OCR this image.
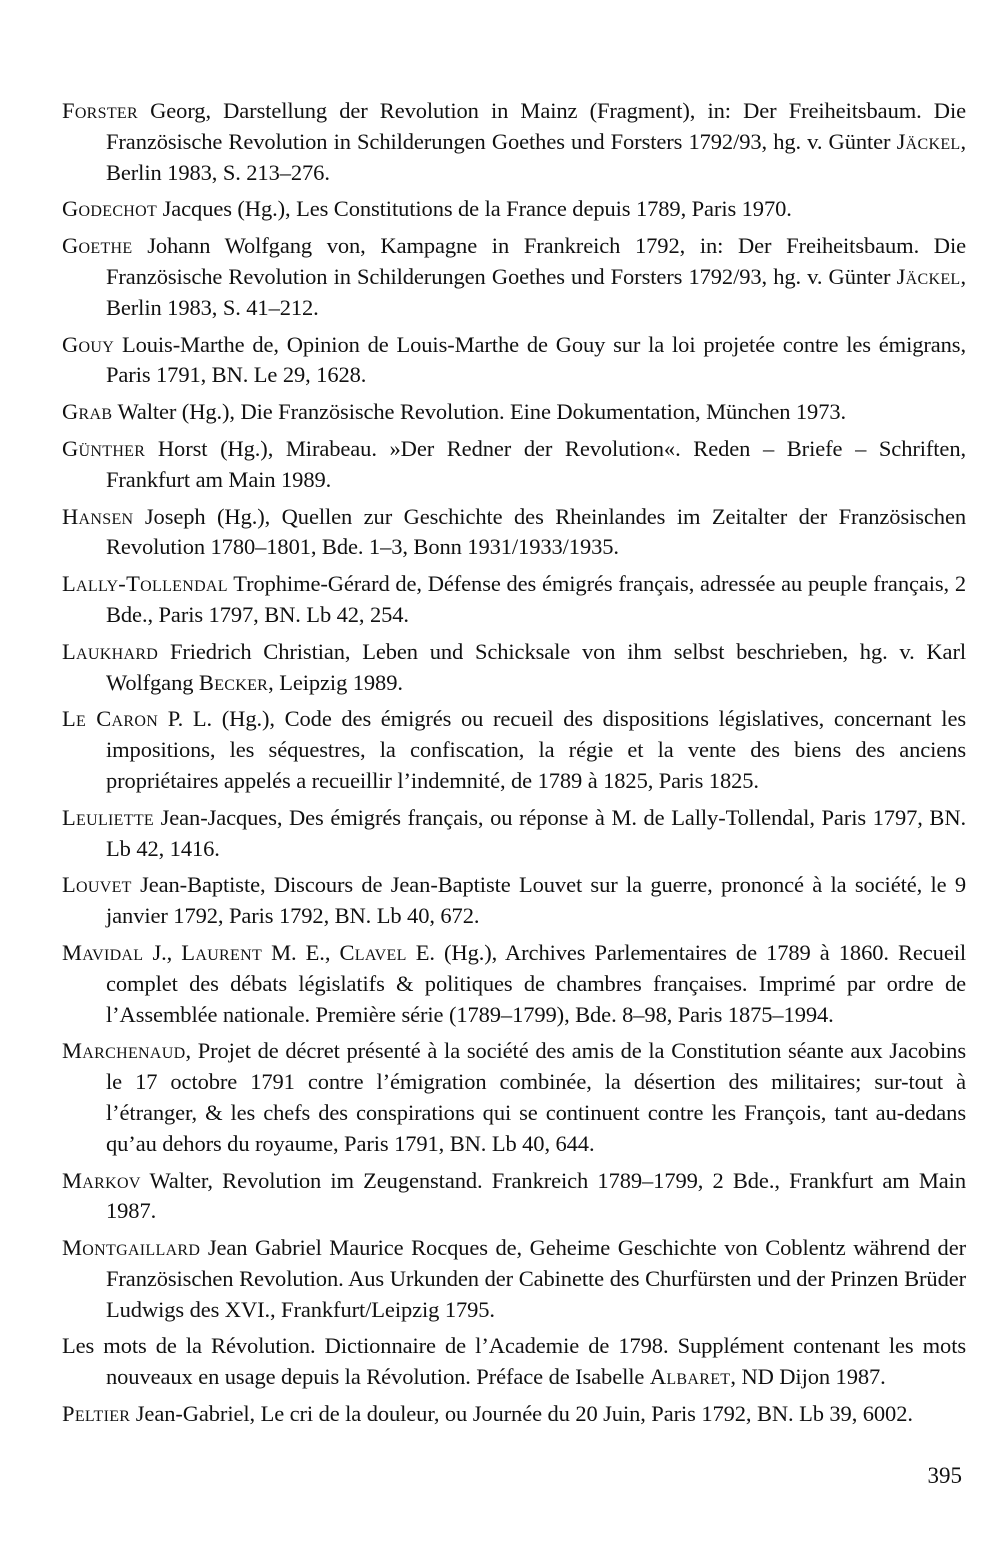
Forster Georg, Darstellung der Revolution in Mainz (Fragment), in: Der Freiheitsbaum. Die Französische Revolution in Schilderungen Goethes und Forsters 1792/93, hg. v. Günter Jäckel, Berlin 1983, S. 213–276.

Godechot Jacques (Hg.), Les Constitutions de la France depuis 1789, Paris 1970.

Goethe Johann Wolfgang von, Kampagne in Frankreich 1792, in: Der Freiheitsbaum. Die Französische Revolution in Schilderungen Goethes und Forsters 1792/93, hg. v. Günter Jäckel, Berlin 1983, S. 41–212.

Gouy Louis-Marthe de, Opinion de Louis-Marthe de Gouy sur la loi projetée contre les émigrans, Paris 1791, BN. Le 29, 1628.

Grab Walter (Hg.), Die Französische Revolution. Eine Dokumentation, München 1973.

Günther Horst (Hg.), Mirabeau. »Der Redner der Revolution«. Reden – Briefe – Schriften, Frankfurt am Main 1989.

Hansen Joseph (Hg.), Quellen zur Geschichte des Rheinlandes im Zeitalter der Französischen Revolution 1780–1801, Bde. 1–3, Bonn 1931/1933/1935.

Lally-Tollendal Trophime-Gérard de, Défense des émigrés français, adressée au peuple français, 2 Bde., Paris 1797, BN. Lb 42, 254.

Laukhard Friedrich Christian, Leben und Schicksale von ihm selbst beschrieben, hg. v. Karl Wolfgang Becker, Leipzig 1989.

Le Caron P. L. (Hg.), Code des émigrés ou recueil des dispositions législatives, concernant les impositions, les séquestres, la confiscation, la régie et la vente des biens des anciens propriétaires appelés a recueillir l’indemnité, de 1789 à 1825, Paris 1825.

Leuliette Jean-Jacques, Des émigrés français, ou réponse à M. de Lally-Tollendal, Paris 1797, BN. Lb 42, 1416.

Louvet Jean-Baptiste, Discours de Jean-Baptiste Louvet sur la guerre, prononcé à la société, le 9 janvier 1792, Paris 1792, BN. Lb 40, 672.

Mavidal J., Laurent M. E., Clavel E. (Hg.), Archives Parlementaires de 1789 à 1860. Recueil complet des débats législatifs & politiques de chambres françaises. Imprimé par ordre de l’Assemblée nationale. Première série (1789–1799), Bde. 8–98, Paris 1875–1994.

Marchenaud, Projet de décret présenté à la société des amis de la Constitution séante aux Jacobins le 17 octobre 1791 contre l’émigration combinée, la désertion des militaires; sur-tout à l’étranger, & les chefs des conspirations qui se continuent contre les François, tant au-dedans qu’au dehors du royaume, Paris 1791, BN. Lb 40, 644.

Markov Walter, Revolution im Zeugenstand. Frankreich 1789–1799, 2 Bde., Frankfurt am Main 1987.

Montgaillard Jean Gabriel Maurice Rocques de, Geheime Geschichte von Coblentz während der Französischen Revolution. Aus Urkunden der Cabinette des Churfürsten und der Prinzen Brüder Ludwigs des XVI., Frankfurt/Leipzig 1795.

Les mots de la Révolution. Dictionnaire de l’Academie de 1798. Supplément contenant les mots nouveaux en usage depuis la Révolution. Préface de Isabelle Albaret, ND Dijon 1987.

Peltier Jean-Gabriel, Le cri de la douleur, ou Journée du 20 Juin, Paris 1792, BN. Lb 39, 6002.

395
